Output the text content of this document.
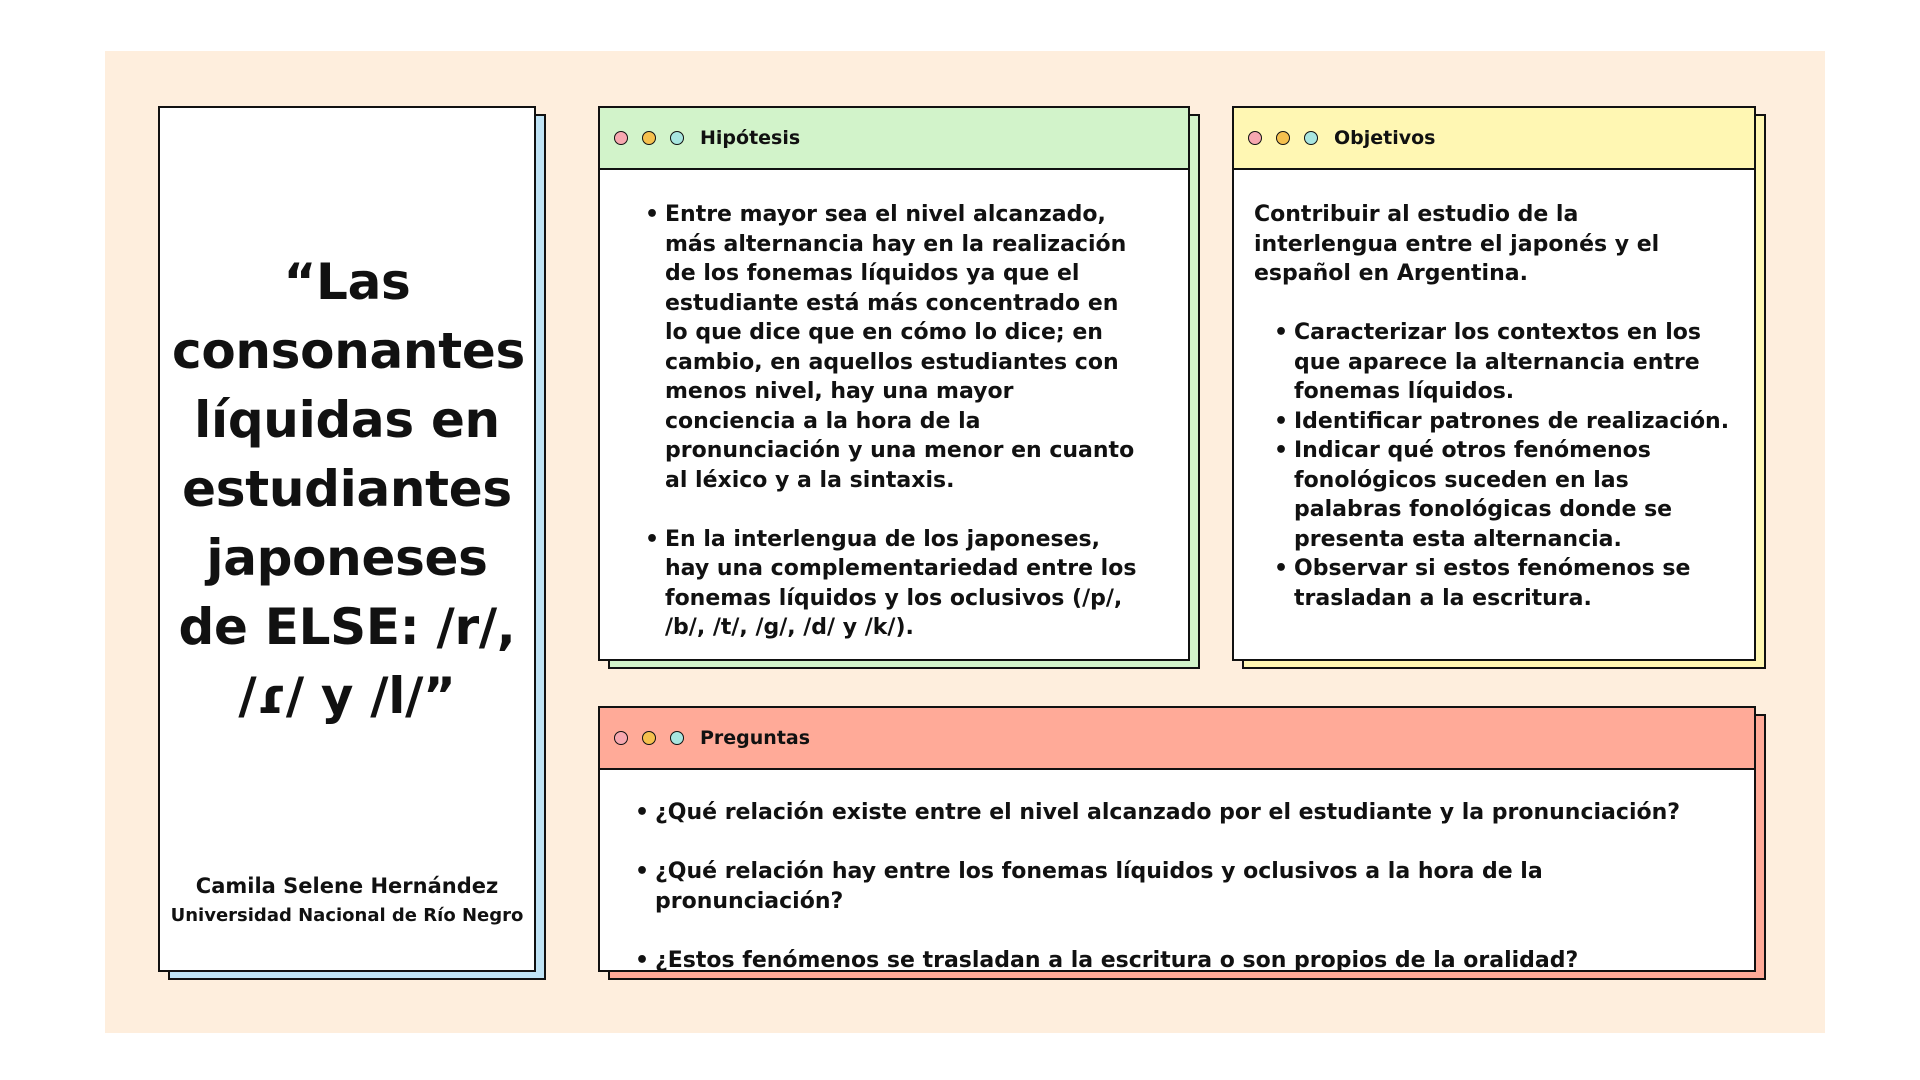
“Las consonantes líquidas en estudiantes japoneses de ELSE: /r/, /ɾ/ y /l/”
Camila Selene Hernández
Universidad Nacional de Río Negro
Hipótesis
• Entre mayor sea el nivel alcanzado, más alternancia hay en la realización de los fonemas líquidos ya que el estudiante está más concentrado en lo que dice que en cómo lo dice; en cambio, en aquellos estudiantes con menos nivel, hay una mayor conciencia a la hora de la pronunciación y una menor en cuanto al léxico y a la sintaxis.
• En la interlengua de los japoneses, hay una complementariedad entre los fonemas líquidos y los oclusivos (/p/, /b/, /t/, /g/, /d/ y /k/).
Objetivos
Contribuir al estudio de la interlengua entre el japonés y el español en Argentina.
• Caracterizar los contextos en los que aparece la alternancia entre fonemas líquidos.
• Identificar patrones de realización.
• Indicar qué otros fenómenos fonológicos suceden en las palabras fonológicas donde se presenta esta alternancia.
• Observar si estos fenómenos se trasladan a la escritura.
Preguntas
• ¿Qué relación existe entre el nivel alcanzado por el estudiante y la pronunciación?
• ¿Qué relación hay entre los fonemas líquidos y oclusivos a la hora de la pronunciación?
• ¿Estos fenómenos se trasladan a la escritura o son propios de la oralidad?
